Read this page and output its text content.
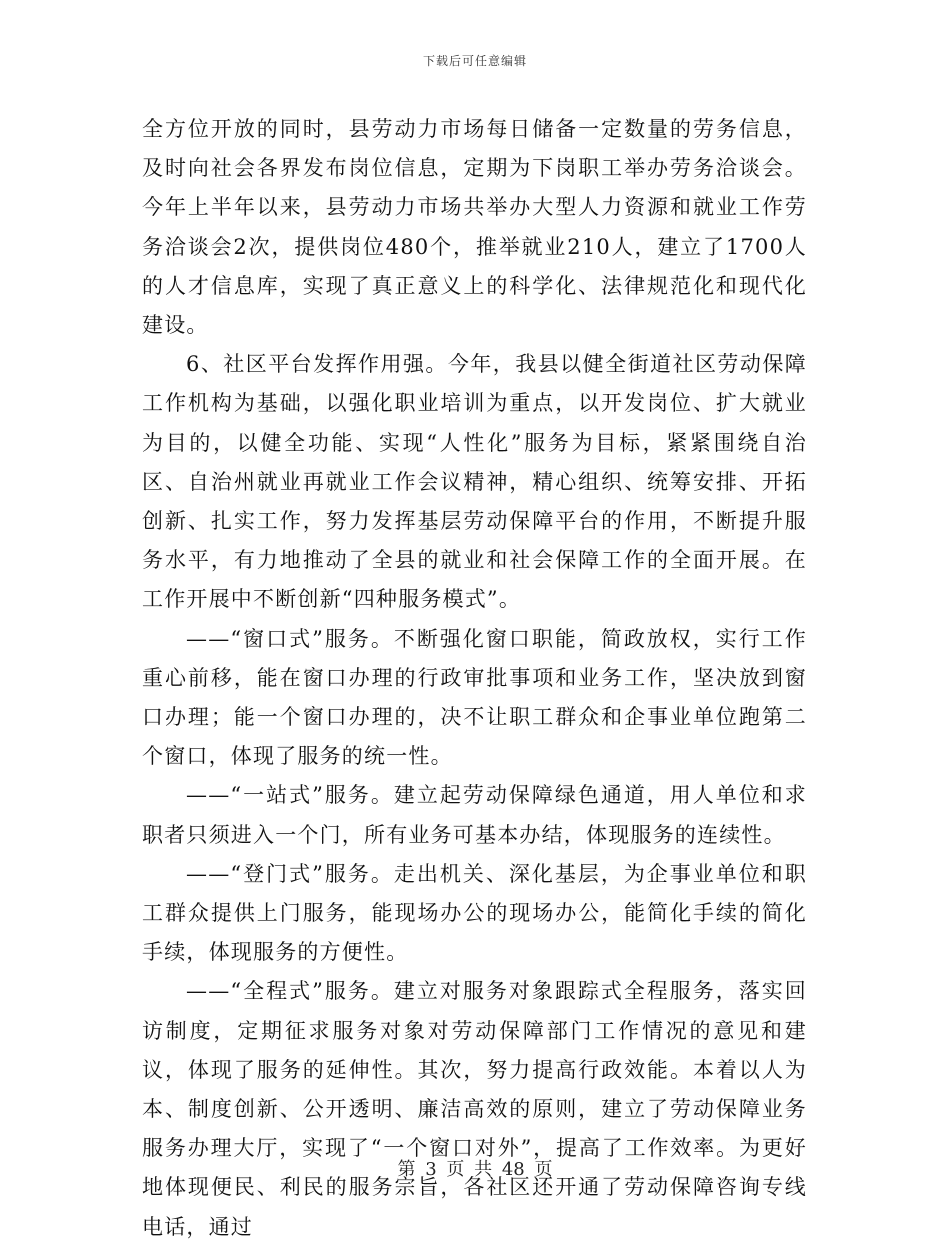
下载后可任意编辑

全方位开放的同时，县劳动力市场每日储备一定数量的劳务信息，及时向社会各界发布岗位信息，定期为下岗职工举办劳务洽谈会。今年上半年以来，县劳动力市场共举办大型人力资源和就业工作劳务洽谈会2次，提供岗位480个，推举就业210人，建立了1700人的人才信息库，实现了真正意义上的科学化、法律规范化和现代化建设。

6、社区平台发挥作用强。今年，我县以健全街道社区劳动保障工作机构为基础，以强化职业培训为重点，以开发岗位、扩大就业为目的，以健全功能、实现“人性化”服务为目标，紧紧围绕自治区、自治州就业再就业工作会议精神，精心组织、统筹安排、开拓创新、扎实工作，努力发挥基层劳动保障平台的作用，不断提升服务水平，有力地推动了全县的就业和社会保障工作的全面开展。在工作开展中不断创新“四种服务模式”。

——“窗口式”服务。不断强化窗口职能，简政放权，实行工作重心前移，能在窗口办理的行政审批事项和业务工作，坚决放到窗口办理；能一个窗口办理的，决不让职工群众和企事业单位跑第二个窗口，体现了服务的统一性。

——“一站式”服务。建立起劳动保障绿色通道，用人单位和求职者只须进入一个门，所有业务可基本办结，体现服务的连续性。

——“登门式”服务。走出机关、深化基层，为企事业单位和职工群众提供上门服务，能现场办公的现场办公，能简化手续的简化手续，体现服务的方便性。

——“全程式”服务。建立对服务对象跟踪式全程服务，落实回访制度，定期征求服务对象对劳动保障部门工作情况的意见和建议，体现了服务的延伸性。其次，努力提高行政效能。本着以人为本、制度创新、公开透明、廉洁高效的原则，建立了劳动保障业务服务办理大厅，实现了“一个窗口对外”，提高了工作效率。为更好地体现便民、利民的服务宗旨，各社区还开通了劳动保障咨询专线电话，通过

第 3 页 共 48 页
